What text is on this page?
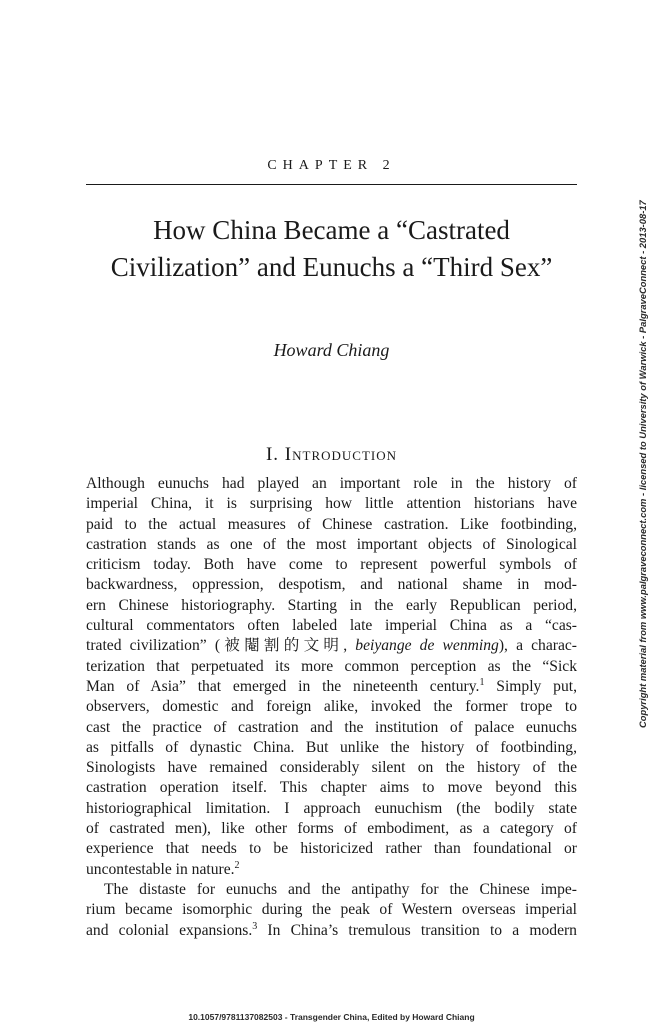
CHAPTER 2
How China Became a “Castrated
Civilization” and Eunuchs a “Third Sex”
Howard Chiang
I. Introduction
Although eunuchs had played an important role in the history of
imperial China, it is surprising how little attention historians have
paid to the actual measures of Chinese castration. Like footbinding,
castration stands as one of the most important objects of Sinological
criticism today. Both have come to represent powerful symbols of
backwardness, oppression, despotism, and national shame in mod-
ern Chinese historiography. Starting in the early Republican period,
cultural commentators often labeled late imperial China as a “cas-
trated civilization” (被閹割的文明, beiyange de wenming), a charac-
terization that perpetuated its more common perception as the “Sick
Man of Asia” that emerged in the nineteenth century.$^1$ Simply put,
observers, domestic and foreign alike, invoked the former trope to
cast the practice of castration and the institution of palace eunuchs
as pitfalls of dynastic China. But unlike the history of footbinding,
Sinologists have remained considerably silent on the history of the
castration operation itself. This chapter aims to move beyond this
historiographical limitation. I approach eunuchism (the bodily state
of castrated men), like other forms of embodiment, as a category of
experience that needs to be historicized rather than foundational or
uncontestable in nature.$^2$
The distaste for eunuchs and the antipathy for the Chinese impe-
rium became isomorphic during the peak of Western overseas imperial
and colonial expansions.$^3$ In China’s tremulous transition to a modern
Copyright material from www.palgraveconnect.com - licensed to University of Warwick - PalgraveConnect - 2013-08-17
10.1057/9781137082503 - Transgender China, Edited by Howard Chiang
